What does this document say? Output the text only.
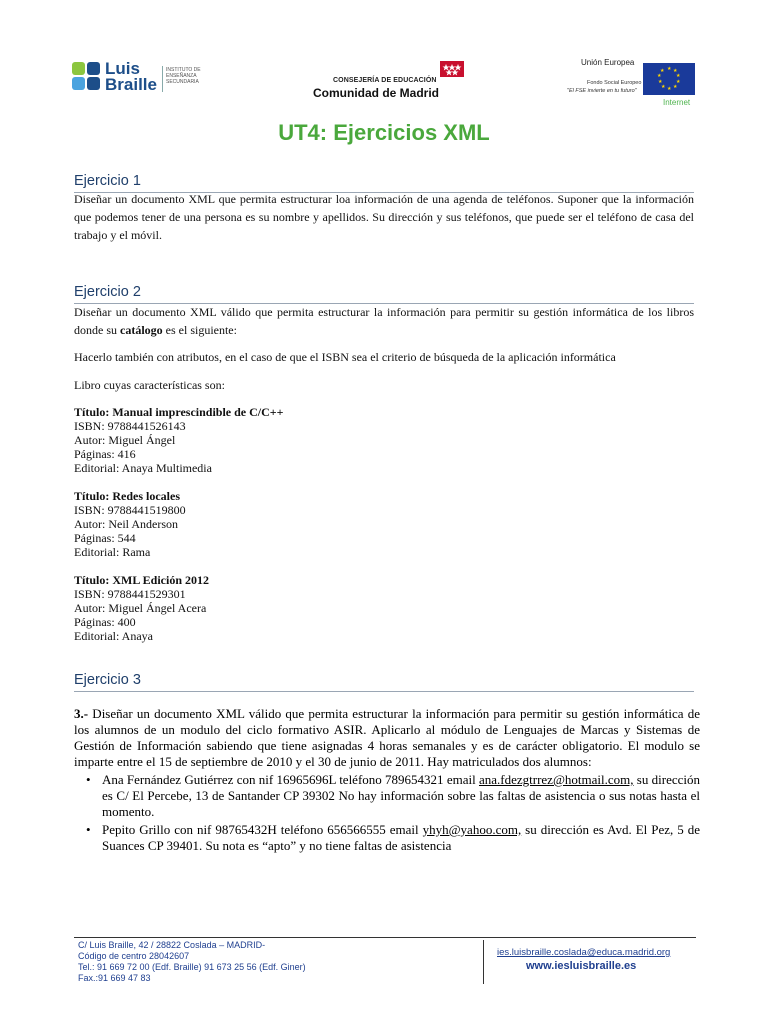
Luis
Braille
INSTITUTO DE ENSEÑANZA SECUNDARIA	CONSEJERÍA DE EDUCACIÓN
Comunidad de Madrid
Unión Europea
Fondo Social Europeo
"El FSE invierte en tu futuro"
★ ★
★
★
★
★
★
★
★
★
Internet
UT4: Ejercicios XML
Ejercicio 1
Diseñar un documento XML que permita estructurar loa información de una agenda de teléfonos. Suponer que la información que podemos tener de una persona es su nombre y apellidos. Su dirección y sus teléfonos, que puede ser el teléfono de casa del trabajo y el móvil.
Ejercicio 2
Diseñar un documento XML válido que permita estructurar la información para permitir su gestión informática de los libros donde su catálogo es el siguiente:
Hacerlo también con atributos, en el caso de que el ISBN sea el criterio de búsqueda de la aplicación informática
Libro cuyas características son:
Título: Manual imprescindible de C/C++
ISBN: 9788441526143
Autor: Miguel Ángel
Páginas: 416
Editorial: Anaya Multimedia
Título: Redes locales
ISBN: 9788441519800
Autor: Neil Anderson
Páginas: 544
Editorial: Rama
Título: XML Edición 2012
ISBN: 9788441529301
Autor: Miguel Ángel Acera
Páginas: 400
Editorial: Anaya
Ejercicio 3
3.- Diseñar un documento XML válido que permita estructurar la información para permitir su gestión informática de los alumnos de un modulo del ciclo formativo ASIR. Aplicarlo al módulo de Lenguajes de Marcas y Sistemas de Gestión de Información sabiendo que tiene asignadas 4 horas semanales y es de carácter obligatorio. El modulo se imparte entre el 15 de septiembre de 2010 y el 30 de junio de 2011. Hay matriculados dos alumnos:
• Ana Fernández Gutiérrez con nif 16965696L teléfono 789654321 email ana.fdezgtrrez@hotmail.com, su dirección es C/ El Percebe, 13 de Santander CP 39302 No hay información sobre las faltas de asistencia o sus notas hasta el momento.
• Pepito Grillo con nif 98765432H teléfono 656566555 email yhyh@yahoo.com, su dirección es Avd. El Pez, 5 de Suances CP 39401. Su nota es “apto” y no tiene faltas de asistencia
C/ Luis Braille, 42 / 28822 Coslada – MADRID-
Código de centro 28042607
Tel.: 91 669 72 00 (Edf. Braille) 91 673 25 56 (Edf. Giner)
Fax.:91 669 47 83
ies.luisbraille.coslada@educa.madrid.org
www.iesluisbraille.es
